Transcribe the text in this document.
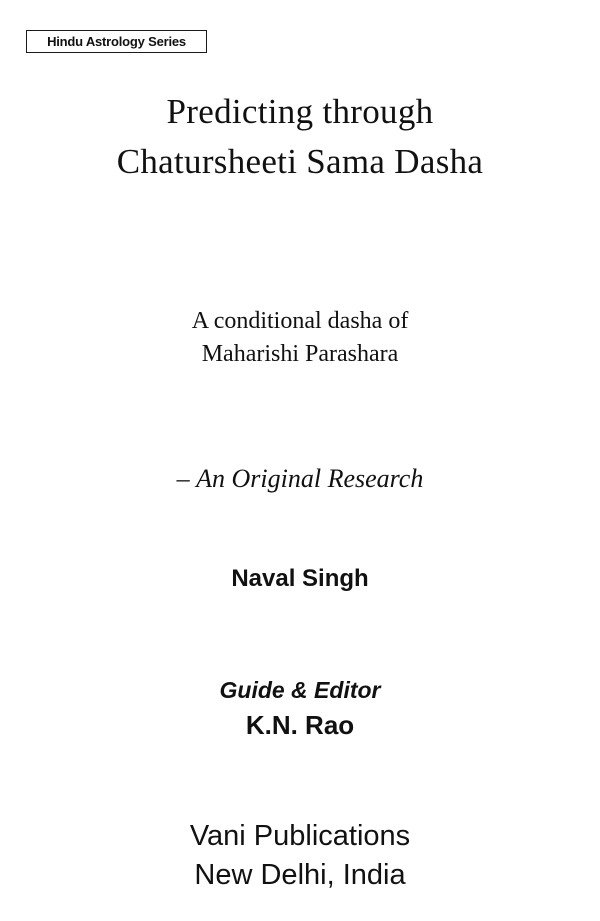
Hindu Astrology Series
Predicting through
Chatursheeti Sama Dasha
A conditional dasha of
Maharishi Parashara
– An Original Research
Naval Singh
Guide & Editor
K.N. Rao
Vani Publications
New Delhi, India
